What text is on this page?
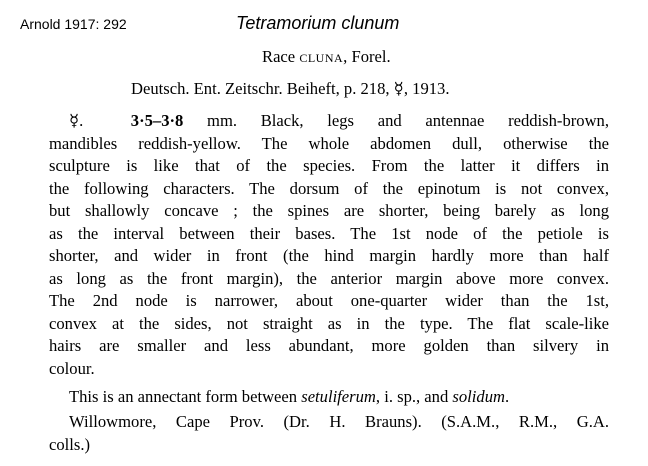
Arnold 1917: 292	Tetramorium clunum
Race cluna, Forel.
Deutsch. Ent. Zeitschr. Beiheft, p. 218, ☿, 1913.
☿.	3·5–3·8 mm. Black, legs and antennae reddish-brown,
mandibles reddish-yellow. The whole abdomen dull, otherwise the
sculpture is like that of the species. From the latter it differs in
the following characters. The dorsum of the epinotum is not convex,
but shallowly concave ; the spines are shorter, being barely as long
as the interval between their bases. The 1st node of the petiole is
shorter, and wider in front (the hind margin hardly more than half
as long as the front margin), the anterior margin above more convex.
The 2nd node is narrower, about one-quarter wider than the 1st,
convex at the sides, not straight as in the type. The flat scale-like
hairs are smaller and less abundant, more golden than silvery in
colour.
This is an annectant form between setuliferum, i. sp., and solidum.
Willowmore, Cape Prov. (Dr. H. Brauns). (S.A.M., R.M., G.A.
colls.)
